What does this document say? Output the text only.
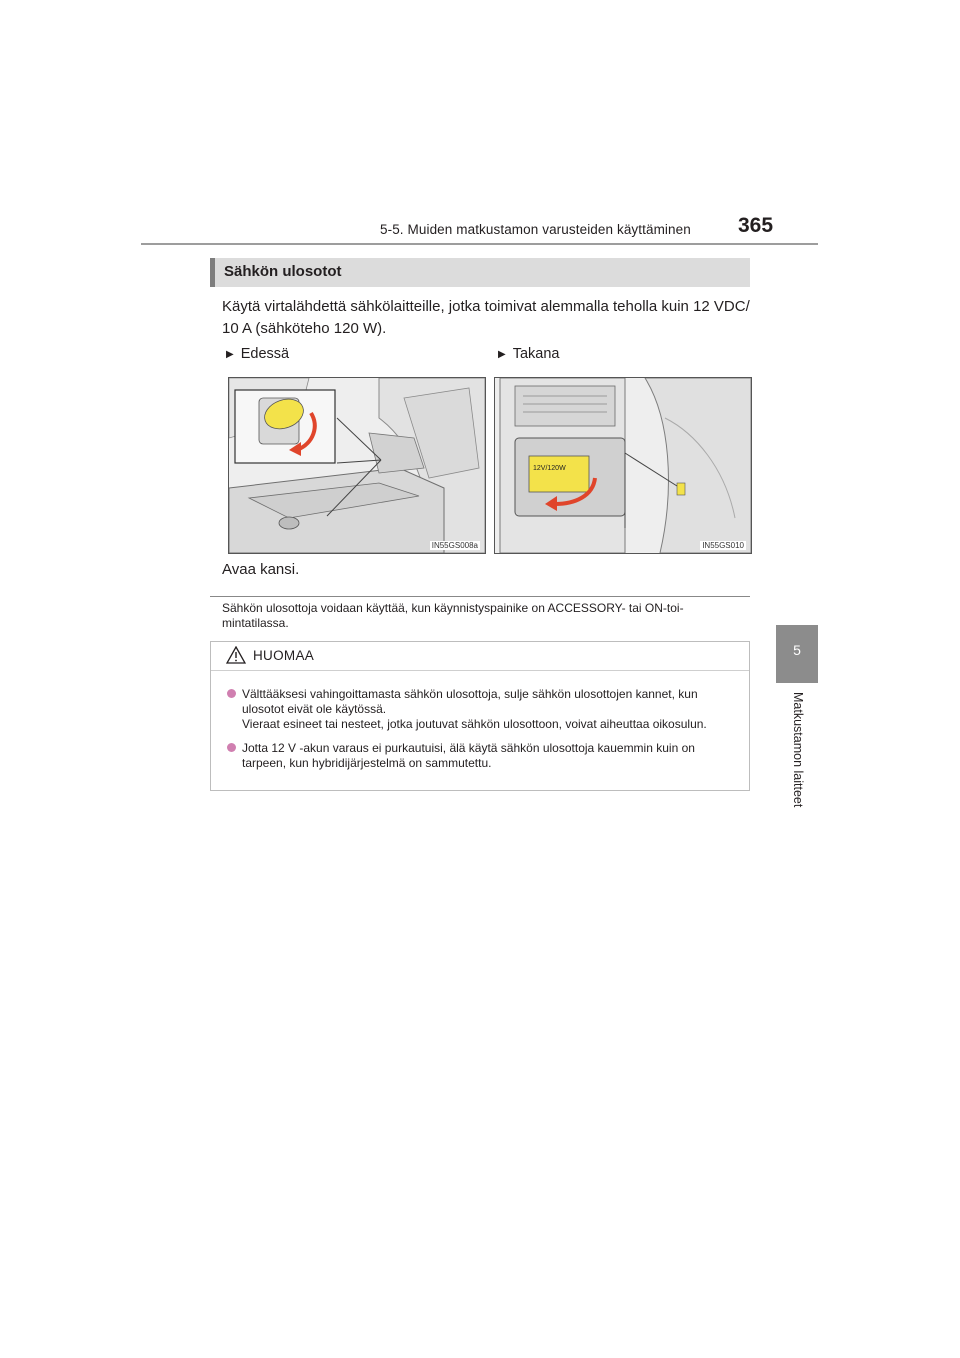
5-5. Muiden matkustamon varusteiden käyttäminen 365
5
Matkustamon laitteet
Sähkön ulosotot
Käytä virtalähdettä sähkölaitteille, jotka toimivat alemmalla teholla kuin 12 VDC/
10 A (sähköteho 120 W).
▶ Edessä	▶ Takana
IN55GS008a
12V/120W
IN55GS010
Avaa kansi.
Sähkön ulosottoja voidaan käyttää, kun käynnistyspainike on ACCESSORY- tai ON-toi-
mintatilassa.
HUOMAA
Välttääksesi vahingoittamasta sähkön ulosottoja, sulje sähkön ulosottojen kannet, kun
ulosotot eivät ole käytössä.
Vieraat esineet tai nesteet, jotka joutuvat sähkön ulosottoon, voivat aiheuttaa oikosulun.
Jotta 12 V -akun varaus ei purkautuisi, älä käytä sähkön ulosottoja kauemmin kuin on
tarpeen, kun hybridijärjestelmä on sammutettu.
